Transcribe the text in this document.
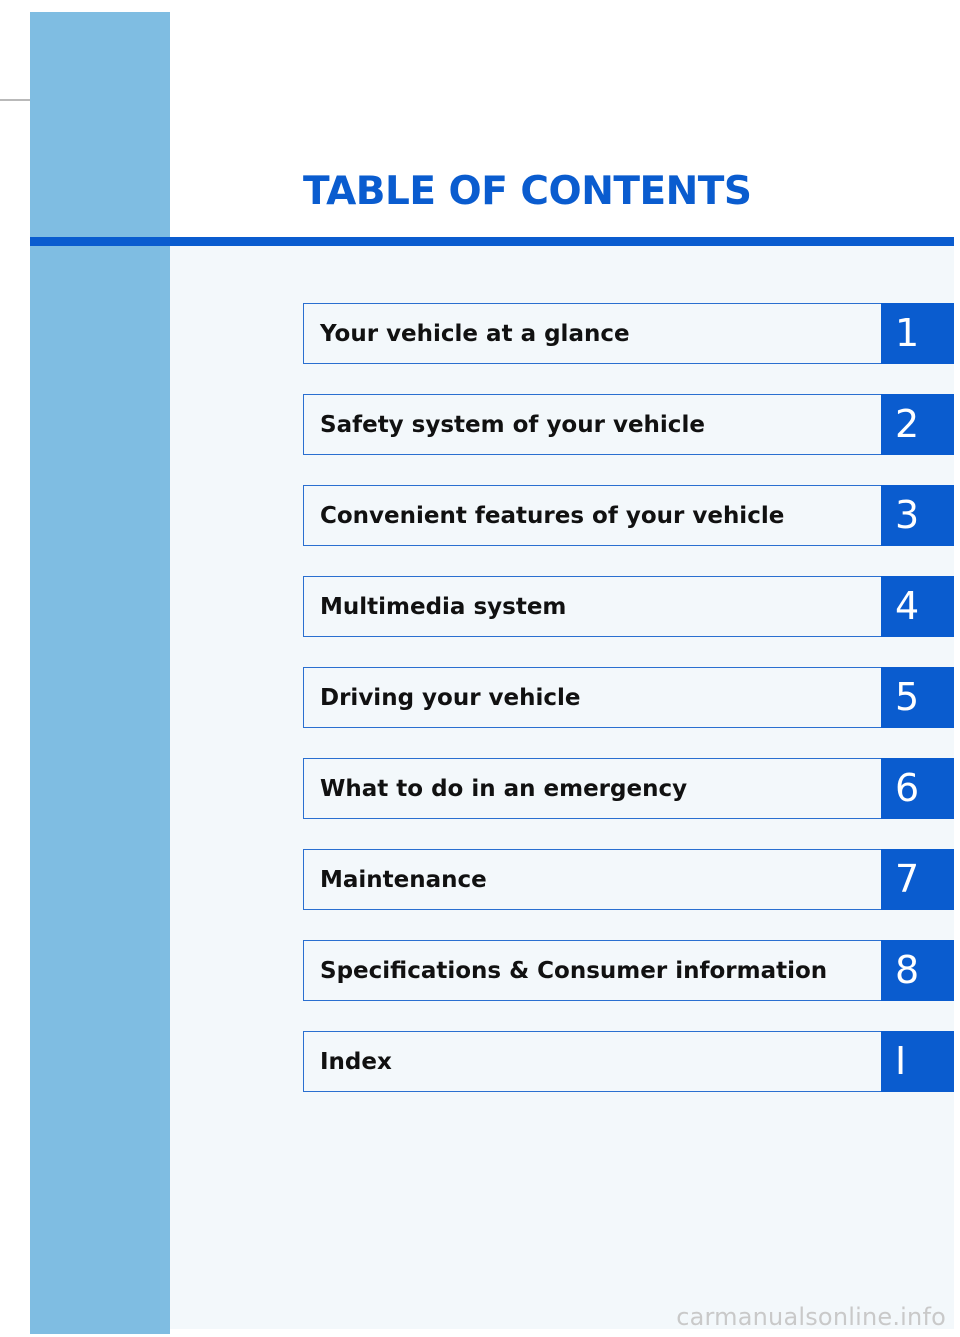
TABLE OF CONTENTS
Your vehicle at a glance	1
Safety system of your vehicle	2
Convenient features of your vehicle	3
Multimedia system	4
Driving your vehicle	5
What to do in an emergency	6
Maintenance	7
Specifications & Consumer information	8
Index	I
carmanualsonline.info
